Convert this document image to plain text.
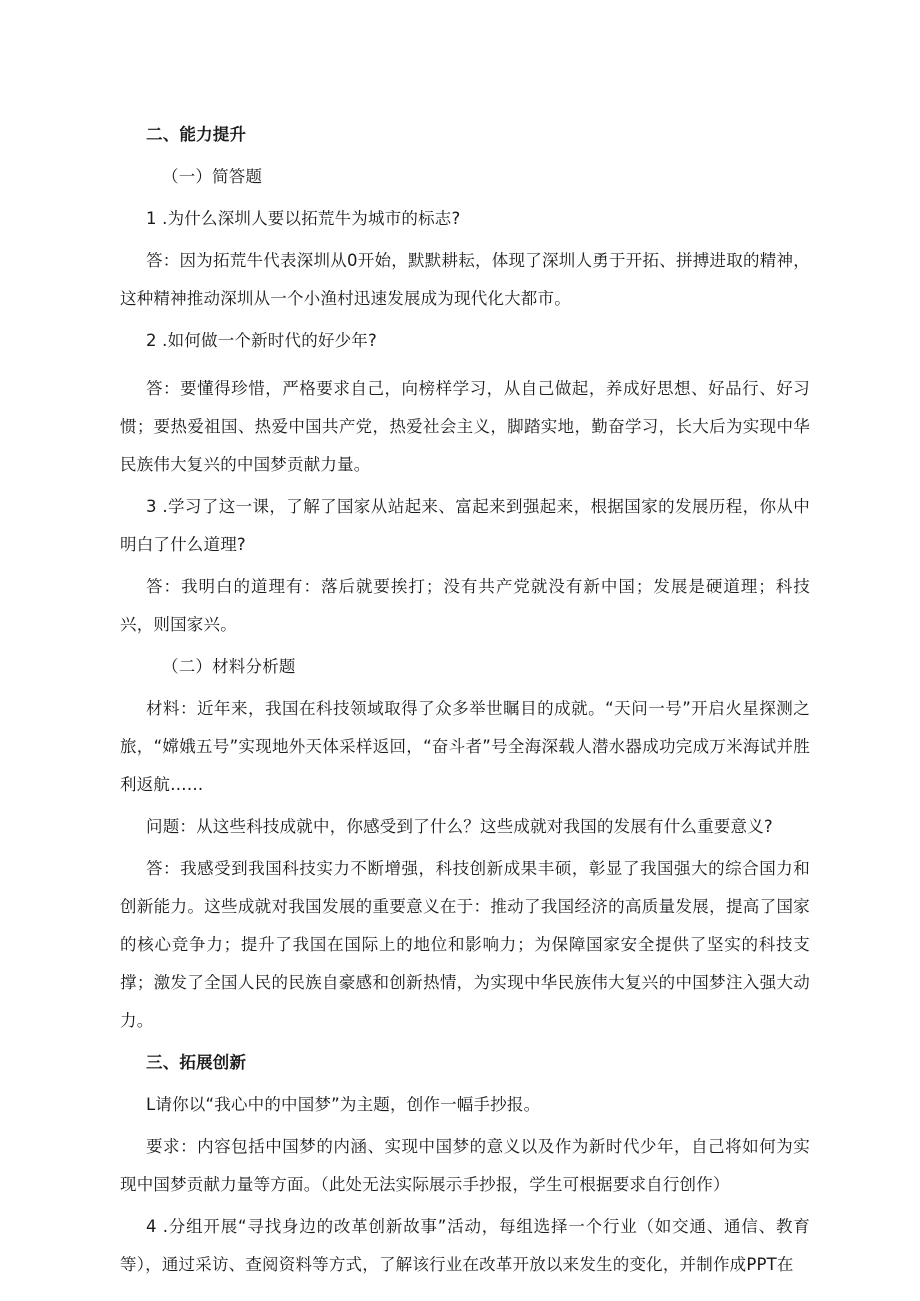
二、能力提升

（一）简答题

1 .为什么深圳人要以拓荒牛为城市的标志?

答：因为拓荒牛代表深圳从0开始，默默耕耘，体现了深圳人勇于开拓、拼搏进取的精神，这种精神推动深圳从一个小渔村迅速发展成为现代化大都市。

2 .如何做一个新时代的好少年?

答：要懂得珍惜，严格要求自己，向榜样学习，从自己做起，养成好思想、好品行、好习惯；要热爱祖国、热爱中国共产党，热爱社会主义，脚踏实地，勤奋学习，长大后为实现中华民族伟大复兴的中国梦贡献力量。

3 .学习了这一课，了解了国家从站起来、富起来到强起来，根据国家的发展历程，你从中明白了什么道理?

答：我明白的道理有：落后就要挨打；没有共产党就没有新中国；发展是硬道理；科技兴，则国家兴。

（二）材料分析题

材料：近年来，我国在科技领域取得了众多举世瞩目的成就。“天问一号”开启火星探测之旅，“嫦娥五号”实现地外天体采样返回，“奋斗者”号全海深载人潜水器成功完成万米海试并胜利返航……

问题：从这些科技成就中，你感受到了什么？这些成就对我国的发展有什么重要意义?

答：我感受到我国科技实力不断增强，科技创新成果丰硕，彰显了我国强大的综合国力和创新能力。这些成就对我国发展的重要意义在于：推动了我国经济的高质量发展，提高了国家的核心竞争力；提升了我国在国际上的地位和影响力；为保障国家安全提供了坚实的科技支撑；激发了全国人民的民族自豪感和创新热情，为实现中华民族伟大复兴的中国梦注入强大动力。

三、拓展创新

L请你以“我心中的中国梦”为主题，创作一幅手抄报。

要求：内容包括中国梦的内涵、实现中国梦的意义以及作为新时代少年，自己将如何为实现中国梦贡献力量等方面。（此处无法实际展示手抄报，学生可根据要求自行创作）

4 .分组开展“寻找身边的改革创新故事”活动，每组选择一个行业（如交通、通信、教育等），通过采访、查阅资料等方式，了解该行业在改革开放以来发生的变化，并制作成PPT在
